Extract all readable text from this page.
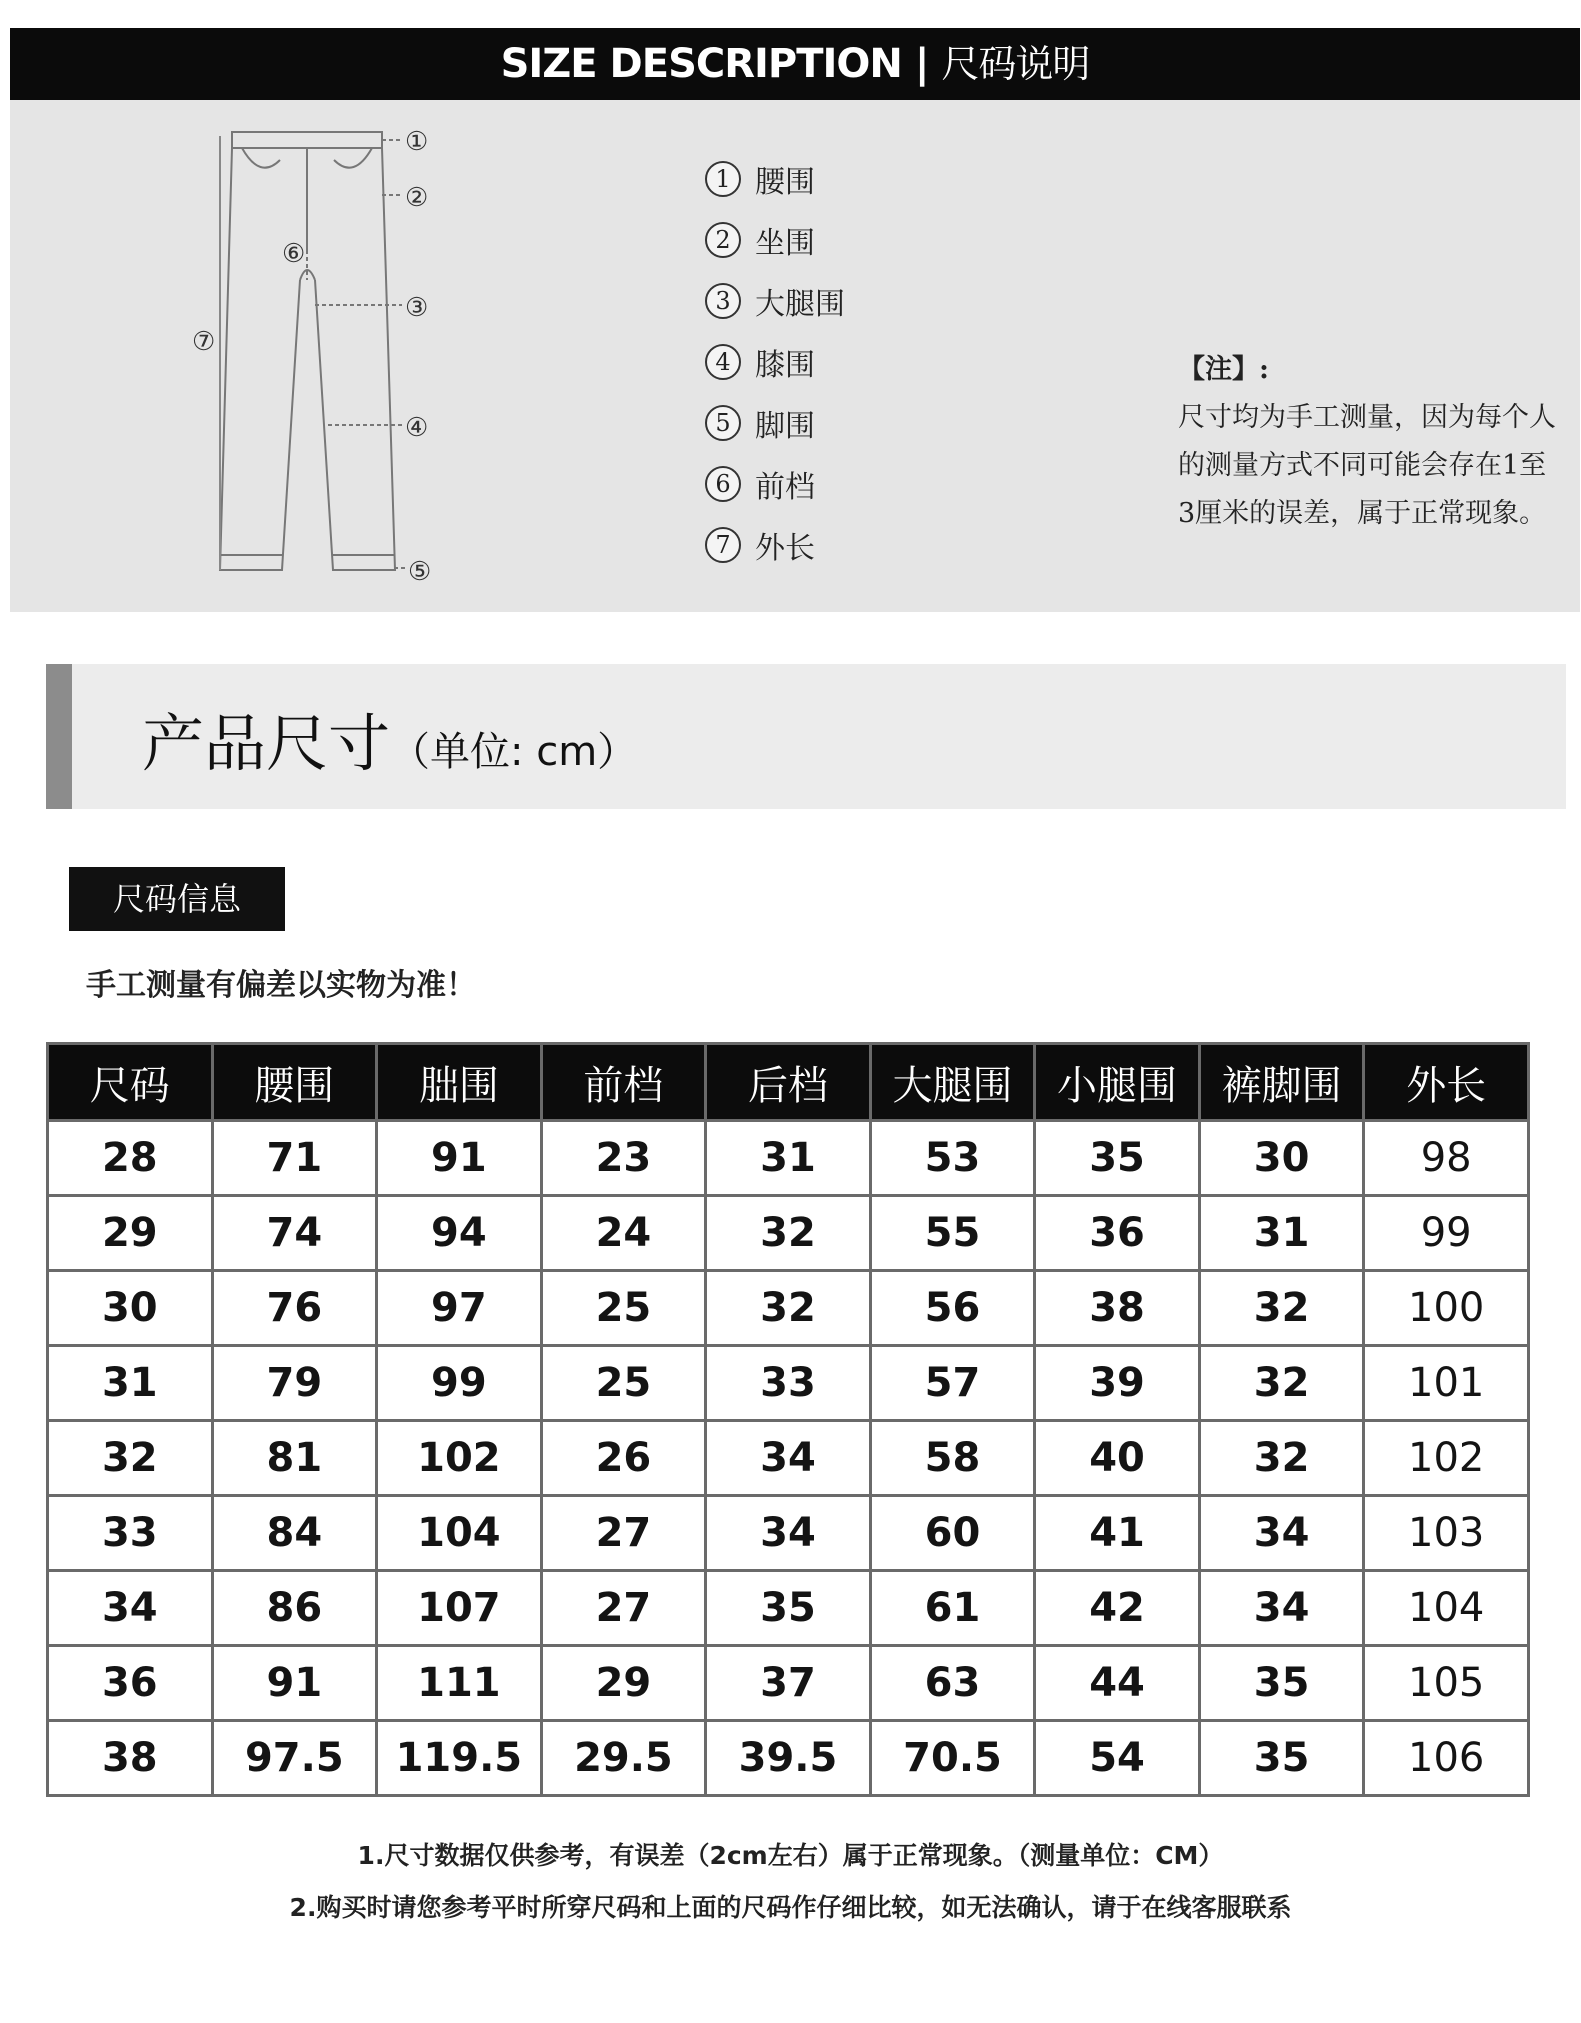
SIZE DESCRIPTION | 尺码说明
①
②
③
④
⑤
⑥
⑦
1 腰围
2 坐围
3 大腿围
4 膝围
5 脚围
6 前档
7 外长
【注】:
尺寸均为手工测量，因为每个人的测量方式不同可能会存在1至3厘米的误差，属于正常现象。
产品尺寸（单位: cm）
尺码信息
手工测量有偏差以实物为准！
尺码	腰围	朏围	前档	后档	大腿围	小腿围	裤脚围	外长
28	71	91	23	31	53	35	30	98
29	74	94	24	32	55	36	31	99
30	76	97	25	32	56	38	32	100
31	79	99	25	33	57	39	32	101
32	81	102	26	34	58	40	32	102
33	84	104	27	34	60	41	34	103
34	86	107	27	35	61	42	34	104
36	91	111	29	37	63	44	35	105
38	97.5	119.5	29.5	39.5	70.5	54	35	106
1.尺寸数据仅供参考，有误差（2cm左右）属于正常现象。（测量单位：CM）
2.购买时请您参考平时所穿尺码和上面的尺码作仔细比较，如无法确认，请于在线客服联系
